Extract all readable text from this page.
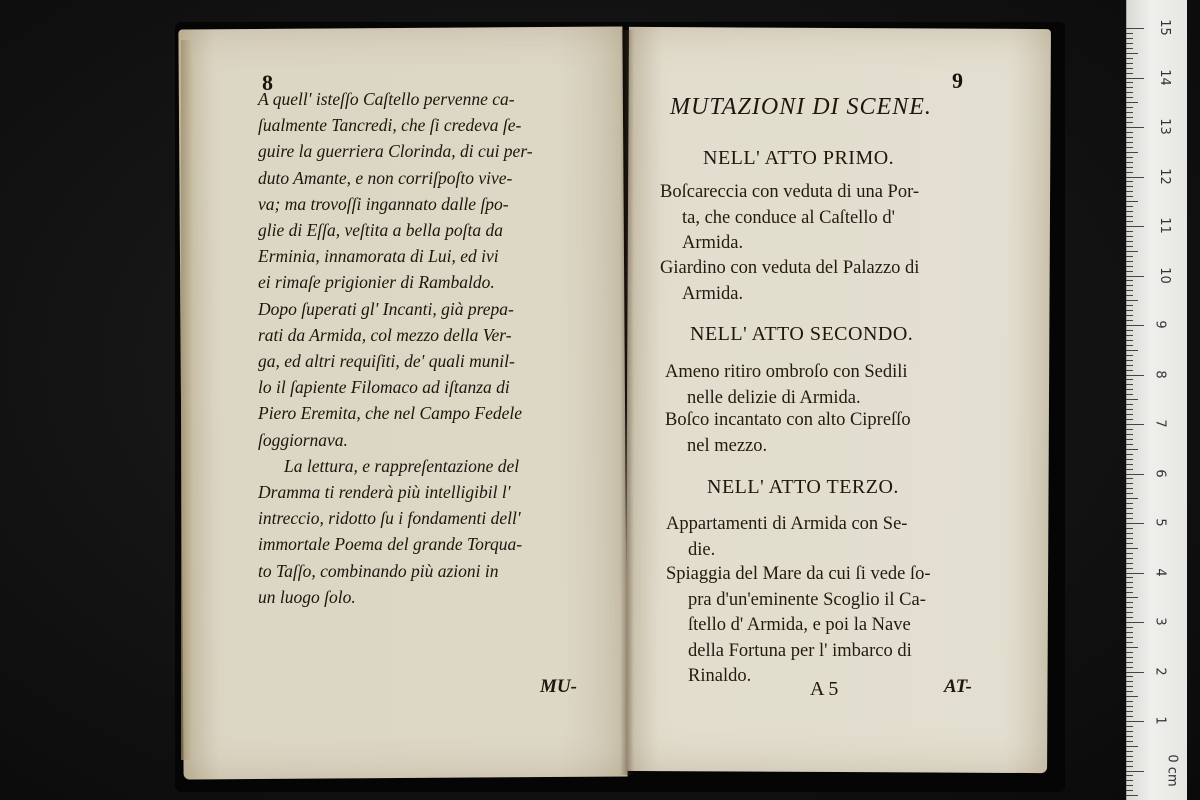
8
A quell' isteſſo Caſtello pervenne ca-
ſualmente Tancredi, che ſi credeva ſe-
guire la guerriera Clorinda, di cui per-
duto Amante, e non corriſpoſto vive-
va; ma trovoſſi ingannato dalle ſpo-
glie di Eſſa, veſtita a bella poſta da
Erminia, innamorata di Lui, ed ivi
ei rimaſe prigionier di Rambaldo.
Dopo ſuperati gl' Incanti, già prepa-
rati da Armida, col mezzo della Ver-
ga, ed altri requiſiti, de' quali munil-
lo il ſapiente Filomaco ad iſtanza di
Piero Eremita, che nel Campo Fedele
ſoggiornava.
La lettura, e rappreſentazione del
Dramma ti renderà più intelligibil l'
intreccio, ridotto ſu i fondamenti dell'
immortale Poema del grande Torqua-
to Taſſo, combinando più azioni in
un luogo ſolo.
MU-
9
MUTAZIONI DI SCENE.
NELL' ATTO PRIMO.
Boſcareccia con veduta di una Por-
ta, che conduce al Caſtello d'
Armida.
Giardino con veduta del Palazzo di
Armida.
NELL' ATTO SECONDO.
Ameno ritiro ombroſo con Sedili
nelle delizie di Armida.
Boſco incantato con alto Cipreſſo
nel mezzo.
NELL' ATTO TERZO.
Appartamenti di Armida con Se-
die.
Spiaggia del Mare da cui ſi vede ſo-
pra d'un'eminente Scoglio il Ca-
ſtello d' Armida, e poi la Nave
della Fortuna per l' imbarco di
Rinaldo.
A 5	AT-
15
14
13
12
11
10
9
8
7
6
5
4
3
2
1
0 cm
